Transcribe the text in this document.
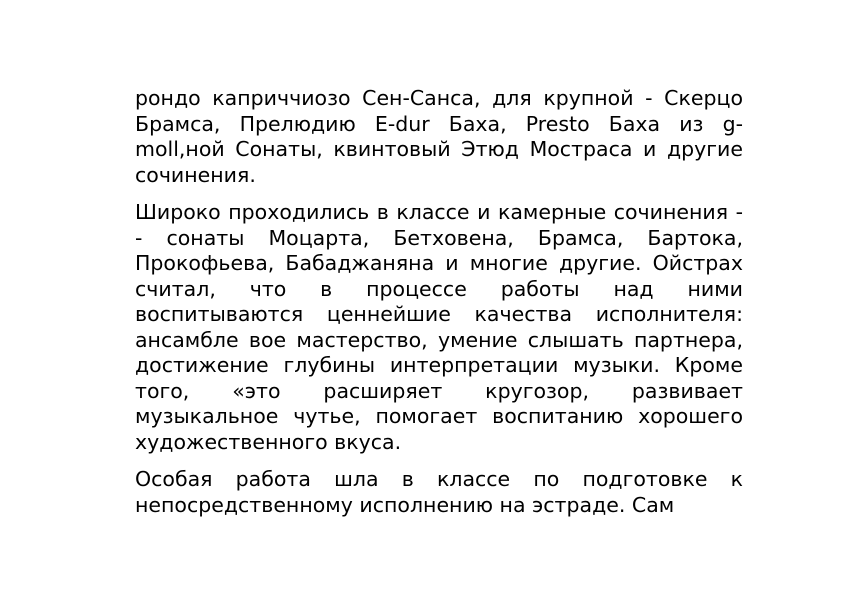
рондо каприччиозо Сен-Санса, для крупной - Скерцо Брамса, Прелюдию E-dur Баха, Presto Баха из g-moll,ной Сонаты, квинтовый Этюд Мостраса и другие сочинения.

Широко проходились в классе и камерные сочинения -- сонаты Моцарта, Бетховена, Брамса, Бартока, Прокофьева, Бабаджаняна и многие другие. Ойстрах считал, что в процессе работы над ними воспитываются ценнейшие качества исполнителя: ансамбле вое мастерство, умение слышать партнера, достижение глубины интерпретации музыки. Кроме того, «это расширяет кругозор, развивает музыкальное чутье, помогает воспитанию хорошего художественного вкуса.

Особая работа шла в классе по подготовке к непосредственному исполнению на эстраде. Сам
